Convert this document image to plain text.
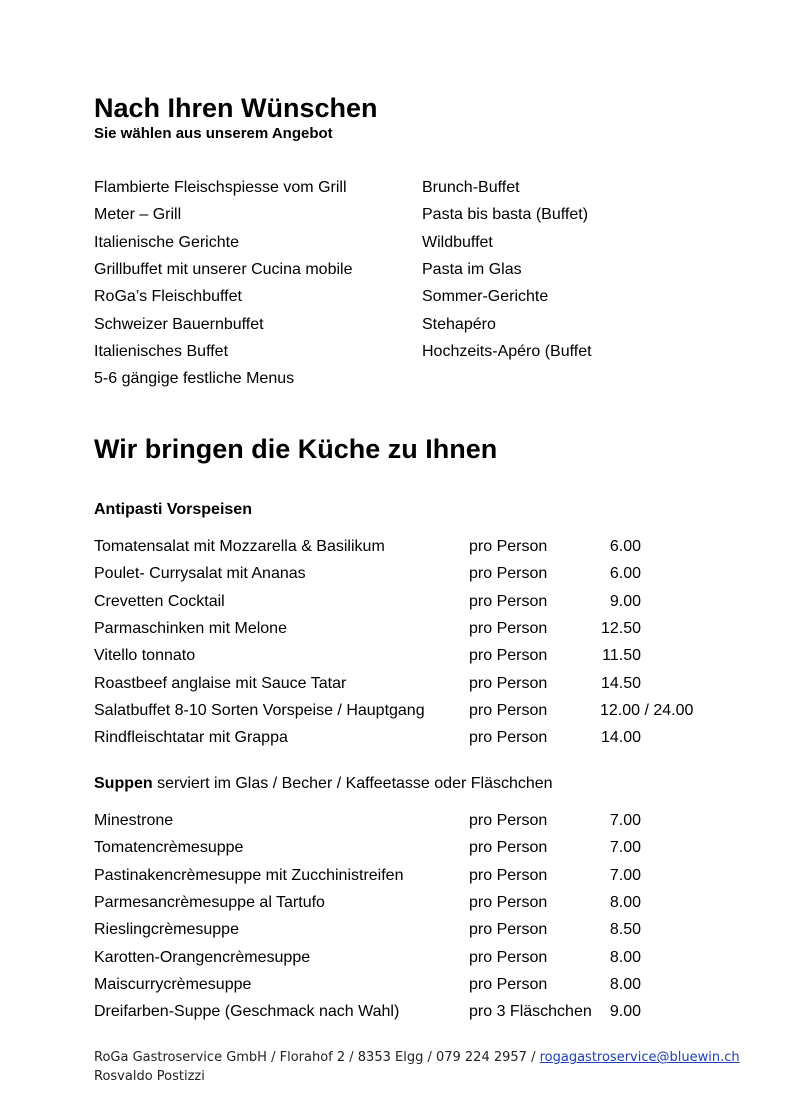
Nach Ihren Wünschen
Sie wählen aus unserem Angebot
Flambierte Fleischspiesse vom Grill
Meter – Grill
Italienische Gerichte
Grillbuffet mit unserer Cucina mobile
RoGa’s Fleischbuffet
Schweizer Bauernbuffet
Italienisches Buffet
5-6 gängige festliche Menus
Brunch-Buffet
Pasta bis basta (Buffet)
Wildbuffet
Pasta im Glas
Sommer-Gerichte
Stehapéro
Hochzeits-Apéro (Buffet
Wir bringen die Küche zu Ihnen
Antipasti Vorspeisen
Tomatensalat mit Mozzarella & Basilikum	pro Person	6.00
Poulet- Currysalat mit Ananas	pro Person	6.00
Crevetten Cocktail	pro Person	9.00
Parmaschinken mit Melone	pro Person	12.50
Vitello tonnato	pro Person	11.50
Roastbeef anglaise mit Sauce Tatar	pro Person	14.50
Salatbuffet 8-10 Sorten Vorspeise / Hauptgang	pro Person	12.00 / 24.00
Rindfleischtatar mit Grappa	pro Person	14.00
Suppen serviert im Glas / Becher / Kaffeetasse oder Fläschchen
Minestrone	pro Person	7.00
Tomatencrèmesuppe	pro Person	7.00
Pastinakencrèmesuppe mit Zucchinistreifen	pro Person	7.00
Parmesancrèmesuppe al Tartufo	pro Person	8.00
Rieslingcrèmesuppe	pro Person	8.50
Karotten-Orangencrèmesuppe	pro Person	8.00
Maiscurrycrèmesuppe	pro Person	8.00
Dreifarben-Suppe (Geschmack nach Wahl)	pro 3 Fläschchen	9.00
RoGa Gastroservice GmbH / Florahof 2 / 8353 Elgg / 079 224 2957 / rogagastroservice@bluewin.ch
Rosvaldo Postizzi
